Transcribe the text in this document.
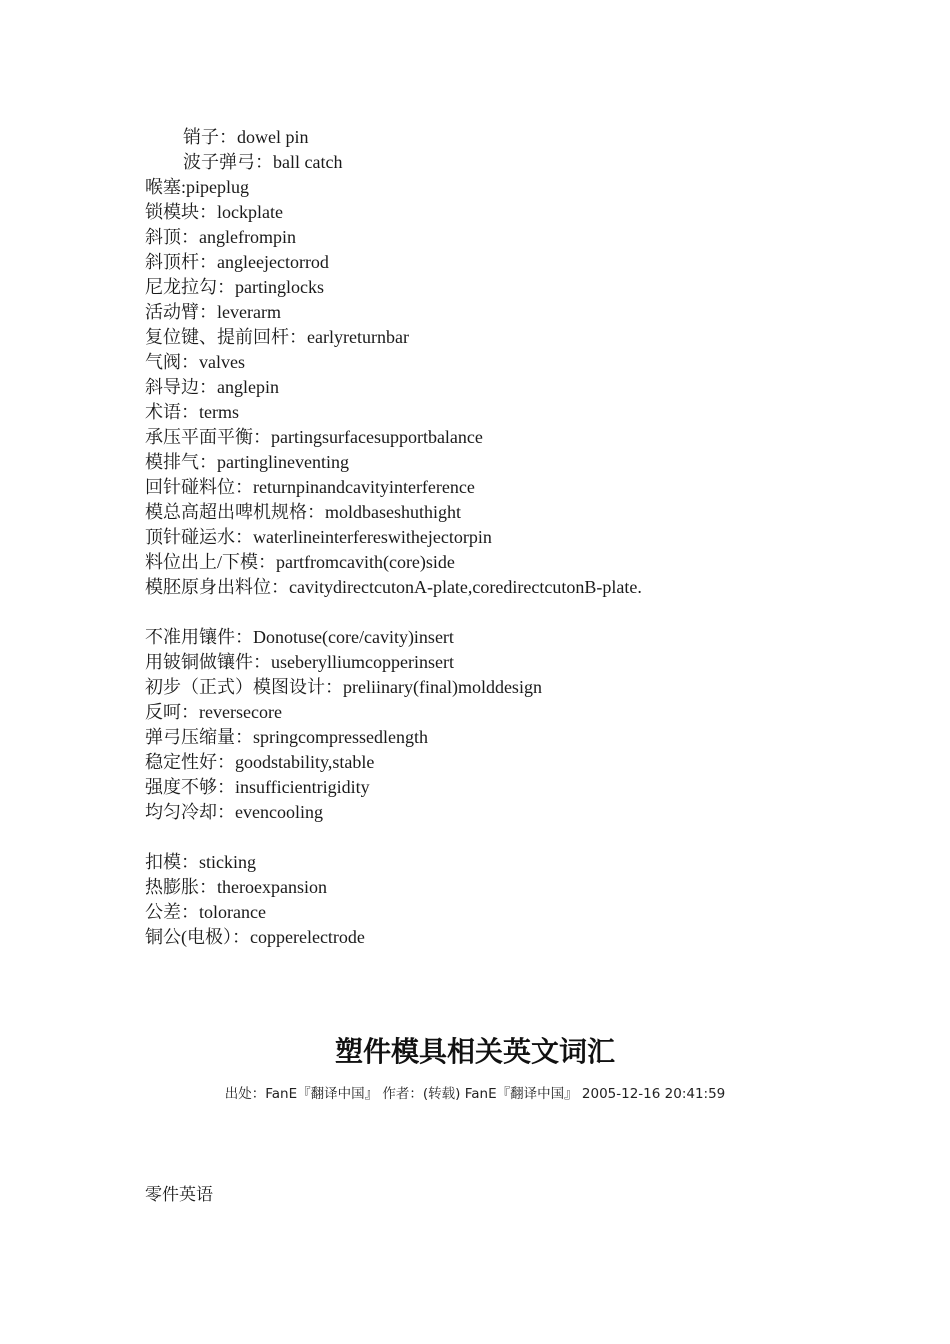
销子：dowel pin
波子弹弓：ball catch
喉塞:pipeplug
锁模块：lockplate
斜顶：anglefrompin
斜顶杆：angleejectorrod
尼龙拉勾：partinglocks
活动臂：leverarm
复位键、提前回杆：earlyreturnbar
气阀：valves
斜导边：anglepin
术语：terms
承压平面平衡：partingsurfacesupportbalance
模排气：partinglineventing
回针碰料位：returnpinandcavityinterference
模总高超出啤机规格：moldbaseshuthight
顶针碰运水：waterlineinterfereswithejectorpin
料位出上/下模：partfromcavith(core)side
模胚原身出料位：cavitydirectcutonA-plate,coredirectcutonB-plate.
不准用镶件：Donotuse(core/cavity)insert
用铍铜做镶件：useberylliumcopperinsert
初步（正式）模图设计：preliinary(final)molddesign
反呵：reversecore
弹弓压缩量：springcompressedlength
稳定性好：goodstability,stable
强度不够：insufficientrigidity
均匀冷却：evencooling
扣模：sticking
热膨胀：theroexpansion
公差：tolorance
铜公(电极）：copperelectrode
塑件模具相关英文词汇
出处：FanE『翻译中国』 作者：(转载) FanE『翻译中国』 2005-12-16 20:41:59
零件英语
